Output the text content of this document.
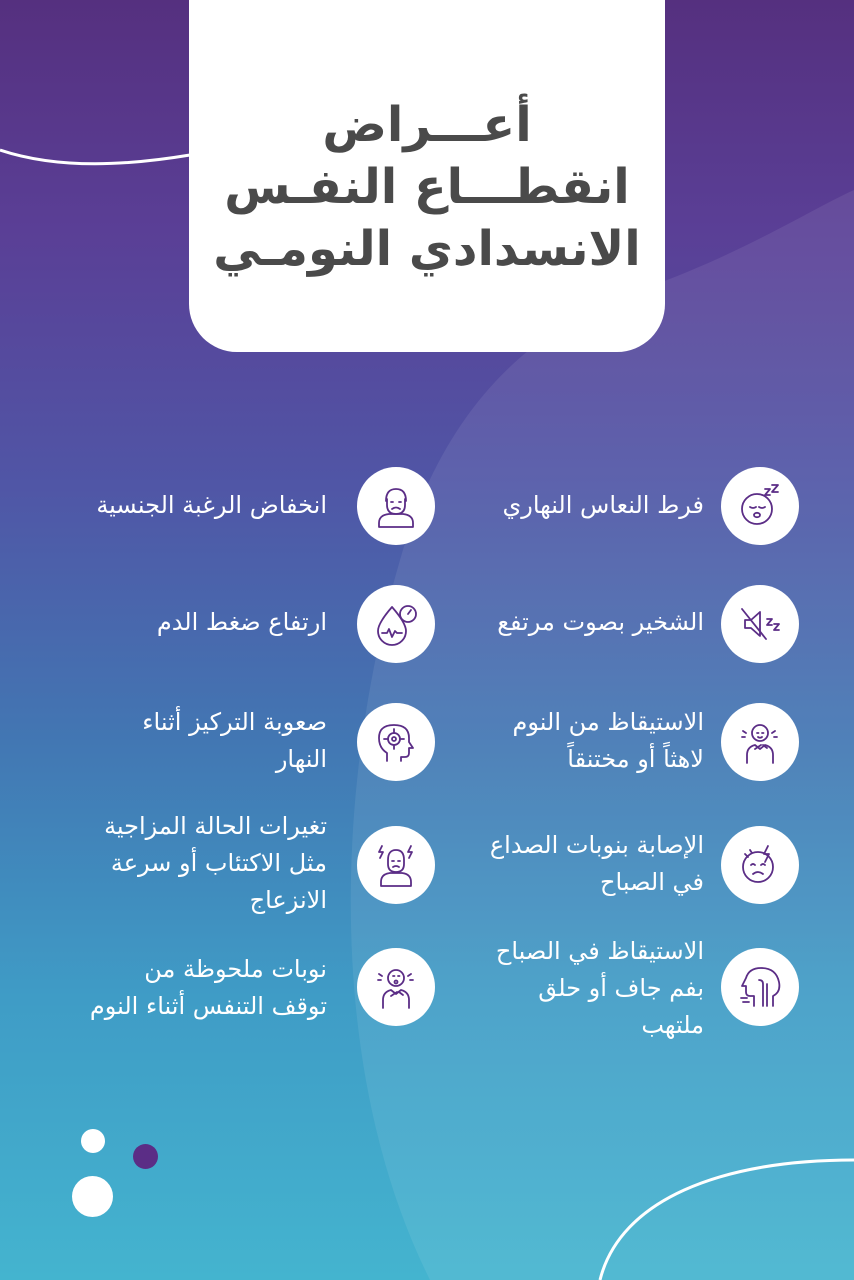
أعـــراض
انقطـــاع النفـس
الانسدادي النومـي
فرط النعاس النهاري
الشخير بصوت مرتفع
الاستيقاظ من النوم
لاهثاً أو مختنقاً
الإصابة بنوبات الصداع
في الصباح
الاستيقاظ في الصباح
بفم جاف أو حلق
ملتهب
انخفاض الرغبة الجنسية
ارتفاع ضغط الدم
صعوبة التركيز أثناء
النهار
تغيرات الحالة المزاجية
مثل الاكتئاب أو سرعة
الانزعاج
نوبات ملحوظة من
توقف التنفس أثناء النوم
